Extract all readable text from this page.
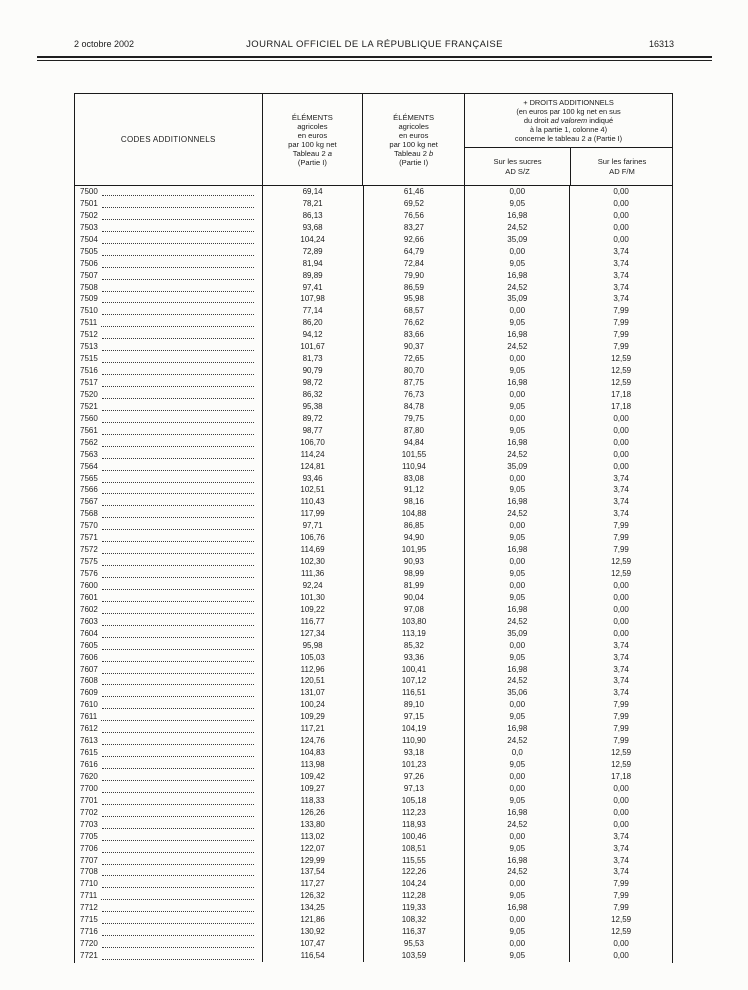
2 octobre 2002	JOURNAL OFFICIEL DE LA RÉPUBLIQUE FRANÇAISE	16313
CODES ADDITIONNELS
ÉLÉMENTS
agricoles
en euros
par 100 kg net
Tableau 2 a
(Partie I)
ÉLÉMENTS
agricoles
en euros
par 100 kg net
Tableau 2 b
(Partie I)
+ DROITS ADDITIONNELS
(en euros par 100 kg net en sus
du droit ad valorem indiqué
à la partie 1, colonne 4)
concerne le tableau 2 a (Partie I)
Sur les sucres
AD S/Z
Sur les farines
AD F/M
7500	69,14	61,46	0,00	0,00
7501	78,21	69,52	9,05	0,00
7502	86,13	76,56	16,98	0,00
7503	93,68	83,27	24,52	0,00
7504	104,24	92,66	35,09	0,00
7505	72,89	64,79	0,00	3,74
7506	81,94	72,84	9,05	3,74
7507	89,89	79,90	16,98	3,74
7508	97,41	86,59	24,52	3,74
7509	107,98	95,98	35,09	3,74
7510	77,14	68,57	0,00	7,99
7511	86,20	76,62	9,05	7,99
7512	94,12	83,66	16,98	7,99
7513	101,67	90,37	24,52	7,99
7515	81,73	72,65	0,00	12,59
7516	90,79	80,70	9,05	12,59
7517	98,72	87,75	16,98	12,59
7520	86,32	76,73	0,00	17,18
7521	95,38	84,78	9,05	17,18
7560	89,72	79,75	0,00	0,00
7561	98,77	87,80	9,05	0,00
7562	106,70	94,84	16,98	0,00
7563	114,24	101,55	24,52	0,00
7564	124,81	110,94	35,09	0,00
7565	93,46	83,08	0,00	3,74
7566	102,51	91,12	9,05	3,74
7567	110,43	98,16	16,98	3,74
7568	117,99	104,88	24,52	3,74
7570	97,71	86,85	0,00	7,99
7571	106,76	94,90	9,05	7,99
7572	114,69	101,95	16,98	7,99
7575	102,30	90,93	0,00	12,59
7576	111,36	98,99	9,05	12,59
7600	92,24	81,99	0,00	0,00
7601	101,30	90,04	9,05	0,00
7602	109,22	97,08	16,98	0,00
7603	116,77	103,80	24,52	0,00
7604	127,34	113,19	35,09	0,00
7605	95,98	85,32	0,00	3,74
7606	105,03	93,36	9,05	3,74
7607	112,96	100,41	16,98	3,74
7608	120,51	107,12	24,52	3,74
7609	131,07	116,51	35,06	3,74
7610	100,24	89,10	0,00	7,99
7611	109,29	97,15	9,05	7,99
7612	117,21	104,19	16,98	7,99
7613	124,76	110,90	24,52	7,99
7615	104,83	93,18	0,0	12,59
7616	113,98	101,23	9,05	12,59
7620	109,42	97,26	0,00	17,18
7700	109,27	97,13	0,00	0,00
7701	118,33	105,18	9,05	0,00
7702	126,26	112,23	16,98	0,00
7703	133,80	118,93	24,52	0,00
7705	113,02	100,46	0,00	3,74
7706	122,07	108,51	9,05	3,74
7707	129,99	115,55	16,98	3,74
7708	137,54	122,26	24,52	3,74
7710	117,27	104,24	0,00	7,99
7711	126,32	112,28	9,05	7,99
7712	134,25	119,33	16,98	7,99
7715	121,86	108,32	0,00	12,59
7716	130,92	116,37	9,05	12,59
7720	107,47	95,53	0,00	0,00
7721	116,54	103,59	9,05	0,00
